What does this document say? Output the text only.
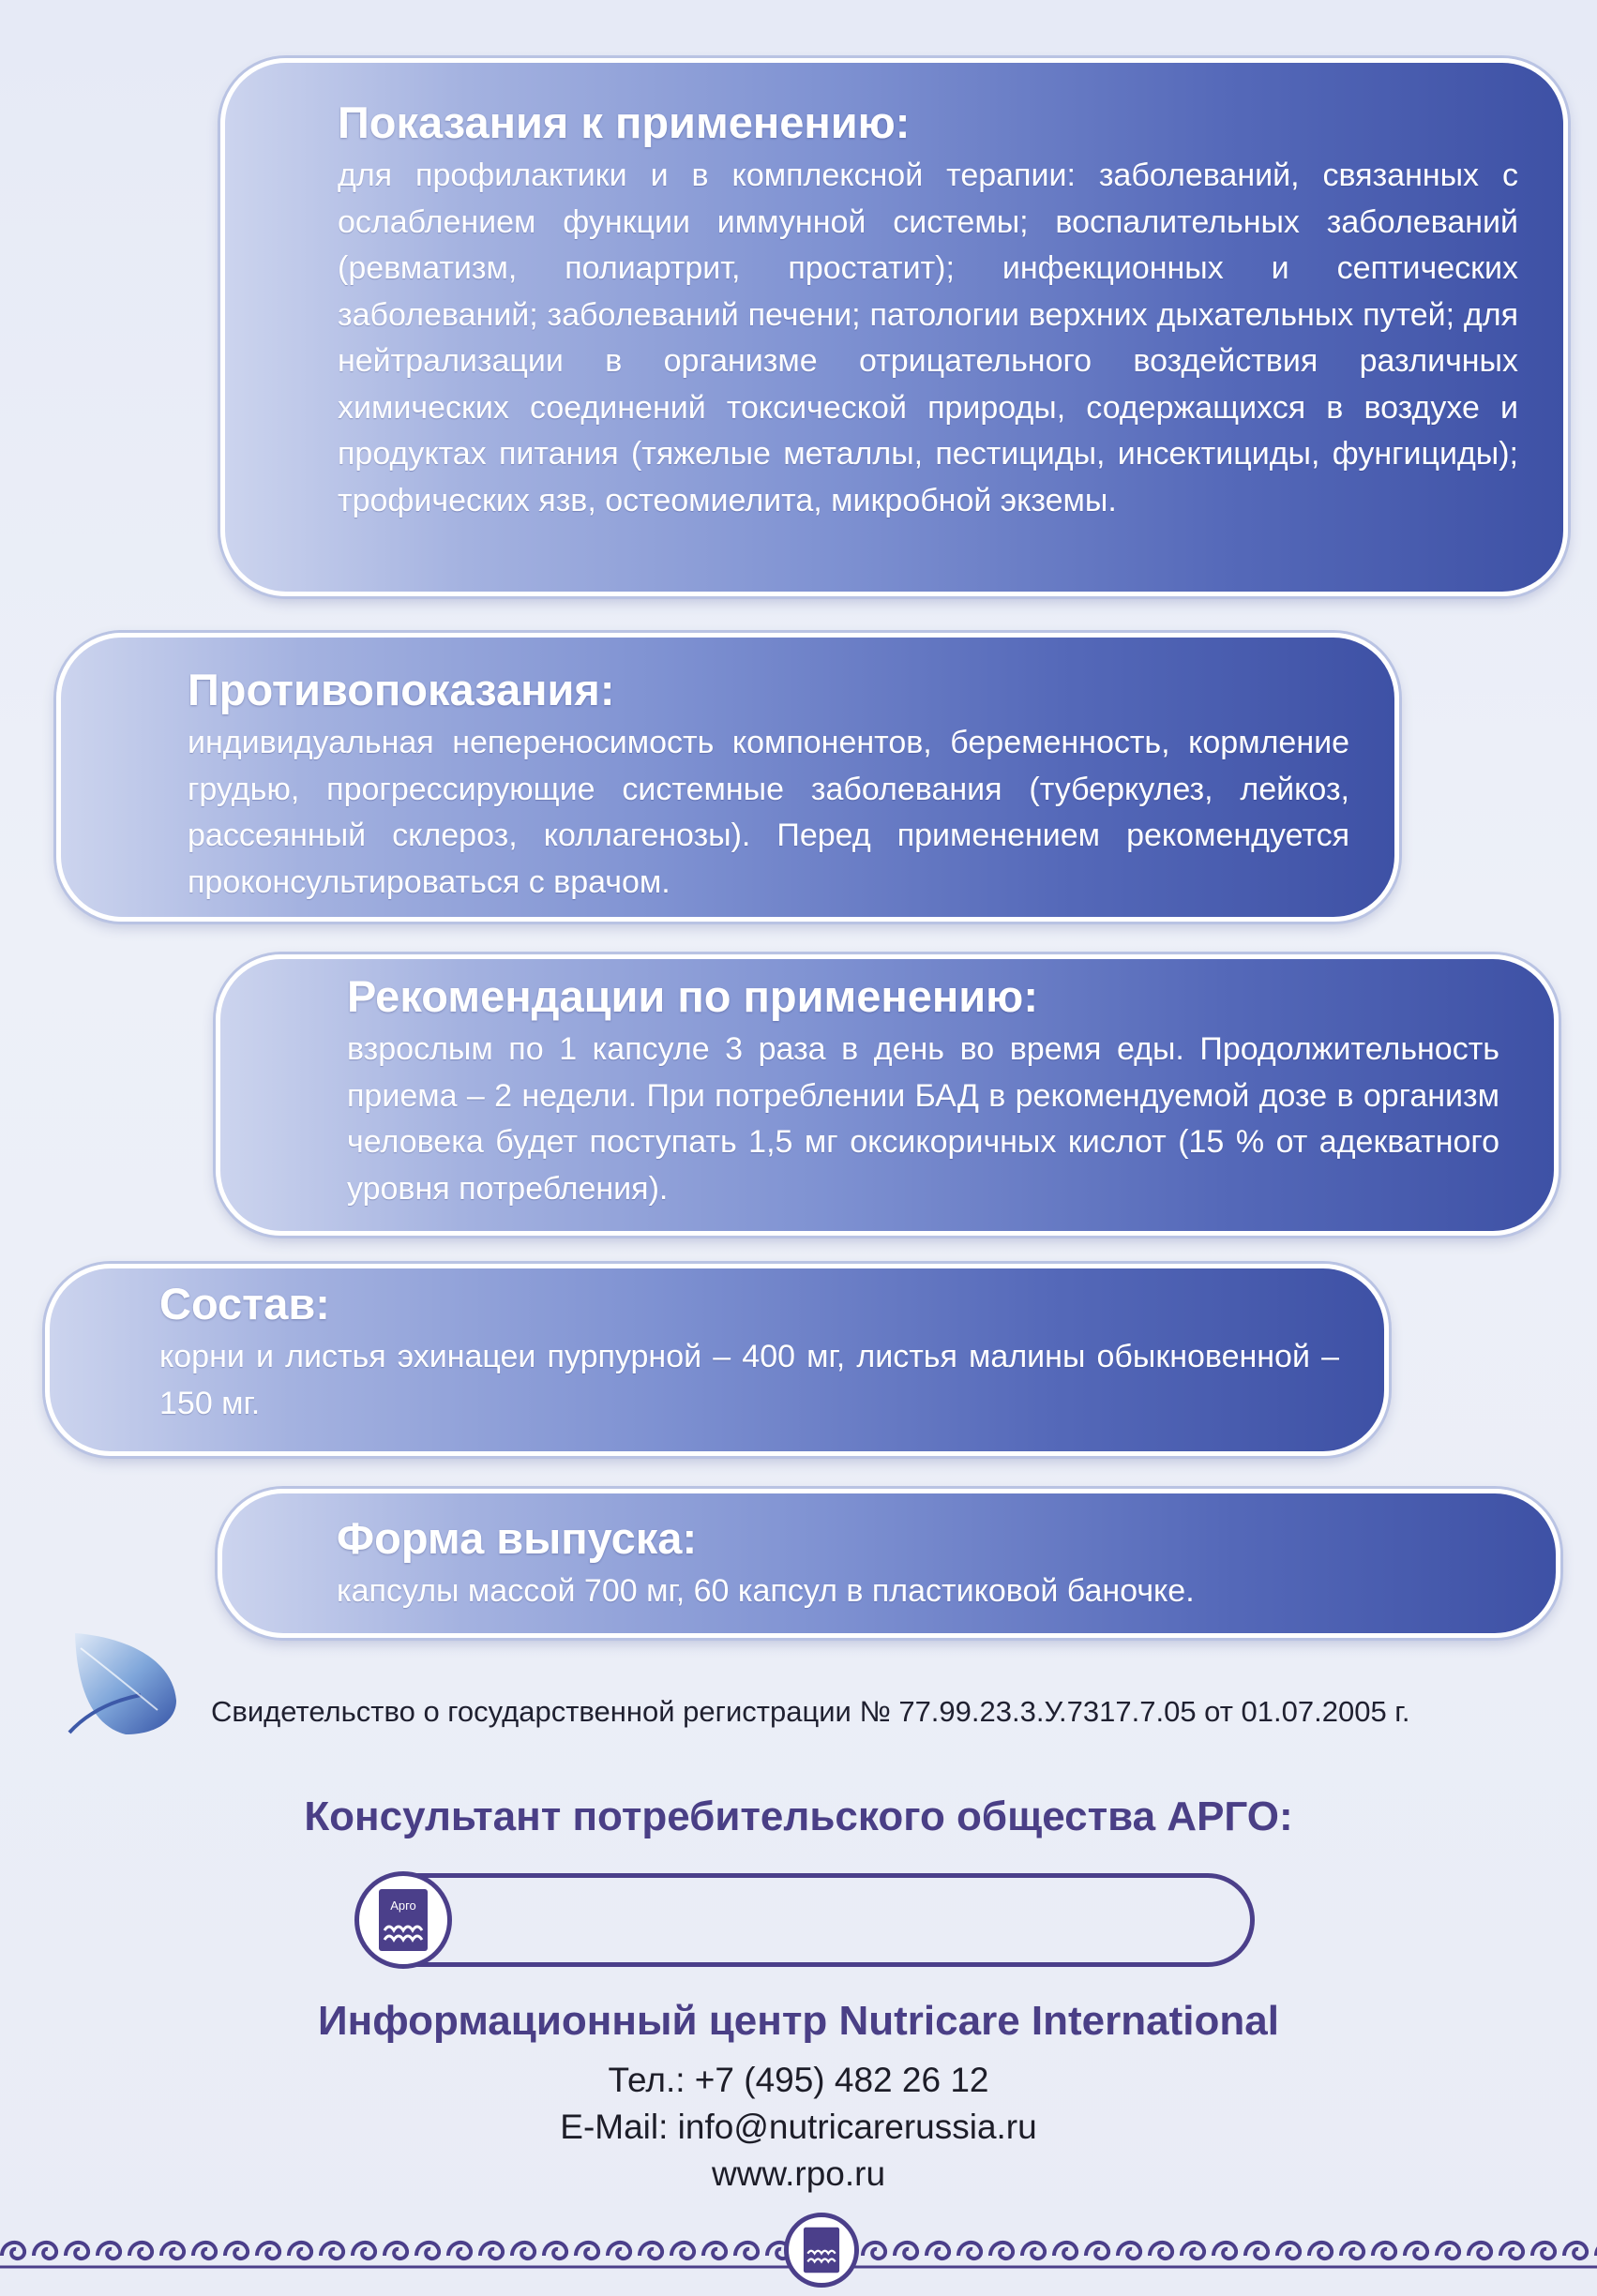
Показания к применению:

для профилактики и в комплексной терапии: заболеваний, связанных с ослаблением функции иммунной системы; воспалительных заболеваний (ревматизм, полиартрит, простатит); инфекционных и септических заболеваний; заболеваний печени; патологии верхних дыхательных путей; для нейтрализации в организме отрицательного воздействия различных химических соединений токсической природы, содержащихся в воздухе и продуктах питания (тяжелые металлы, пестициды, инсектициды, фунгициды); трофических язв, остеомиелита, микробной экземы.

Противопоказания:

индивидуальная непереносимость компонентов, беременность, кормление грудью, прогрессирующие системные заболевания (туберкулез, лейкоз, рассеянный склероз, коллагенозы). Перед применением рекомендуется проконсультироваться с врачом.

Рекомендации по применению:

взрослым по 1 капсуле 3 раза в день во время еды. Продолжительность приема – 2 недели. При потреблении БАД в рекомендуемой дозе в организм человека будет поступать 1,5 мг оксикоричных кислот (15 % от адекватного уровня потребления).

Состав:

корни и листья эхинацеи пурпурной – 400 мг, листья малины обыкновенной – 150 мг.

Форма выпуска:

капсулы массой 700 мг, 60 капсул в пластиковой баночке.

Свидетельство о государственной регистрации № 77.99.23.3.У.7317.7.05 от 01.07.2005 г.
Консультант потребительского общества АРГО:
Арго
Информационный центр Nutricare International
Тел.: +7 (495) 482 26 12
E-Mail: info@nutricarerussia.ru
www.rpo.ru
